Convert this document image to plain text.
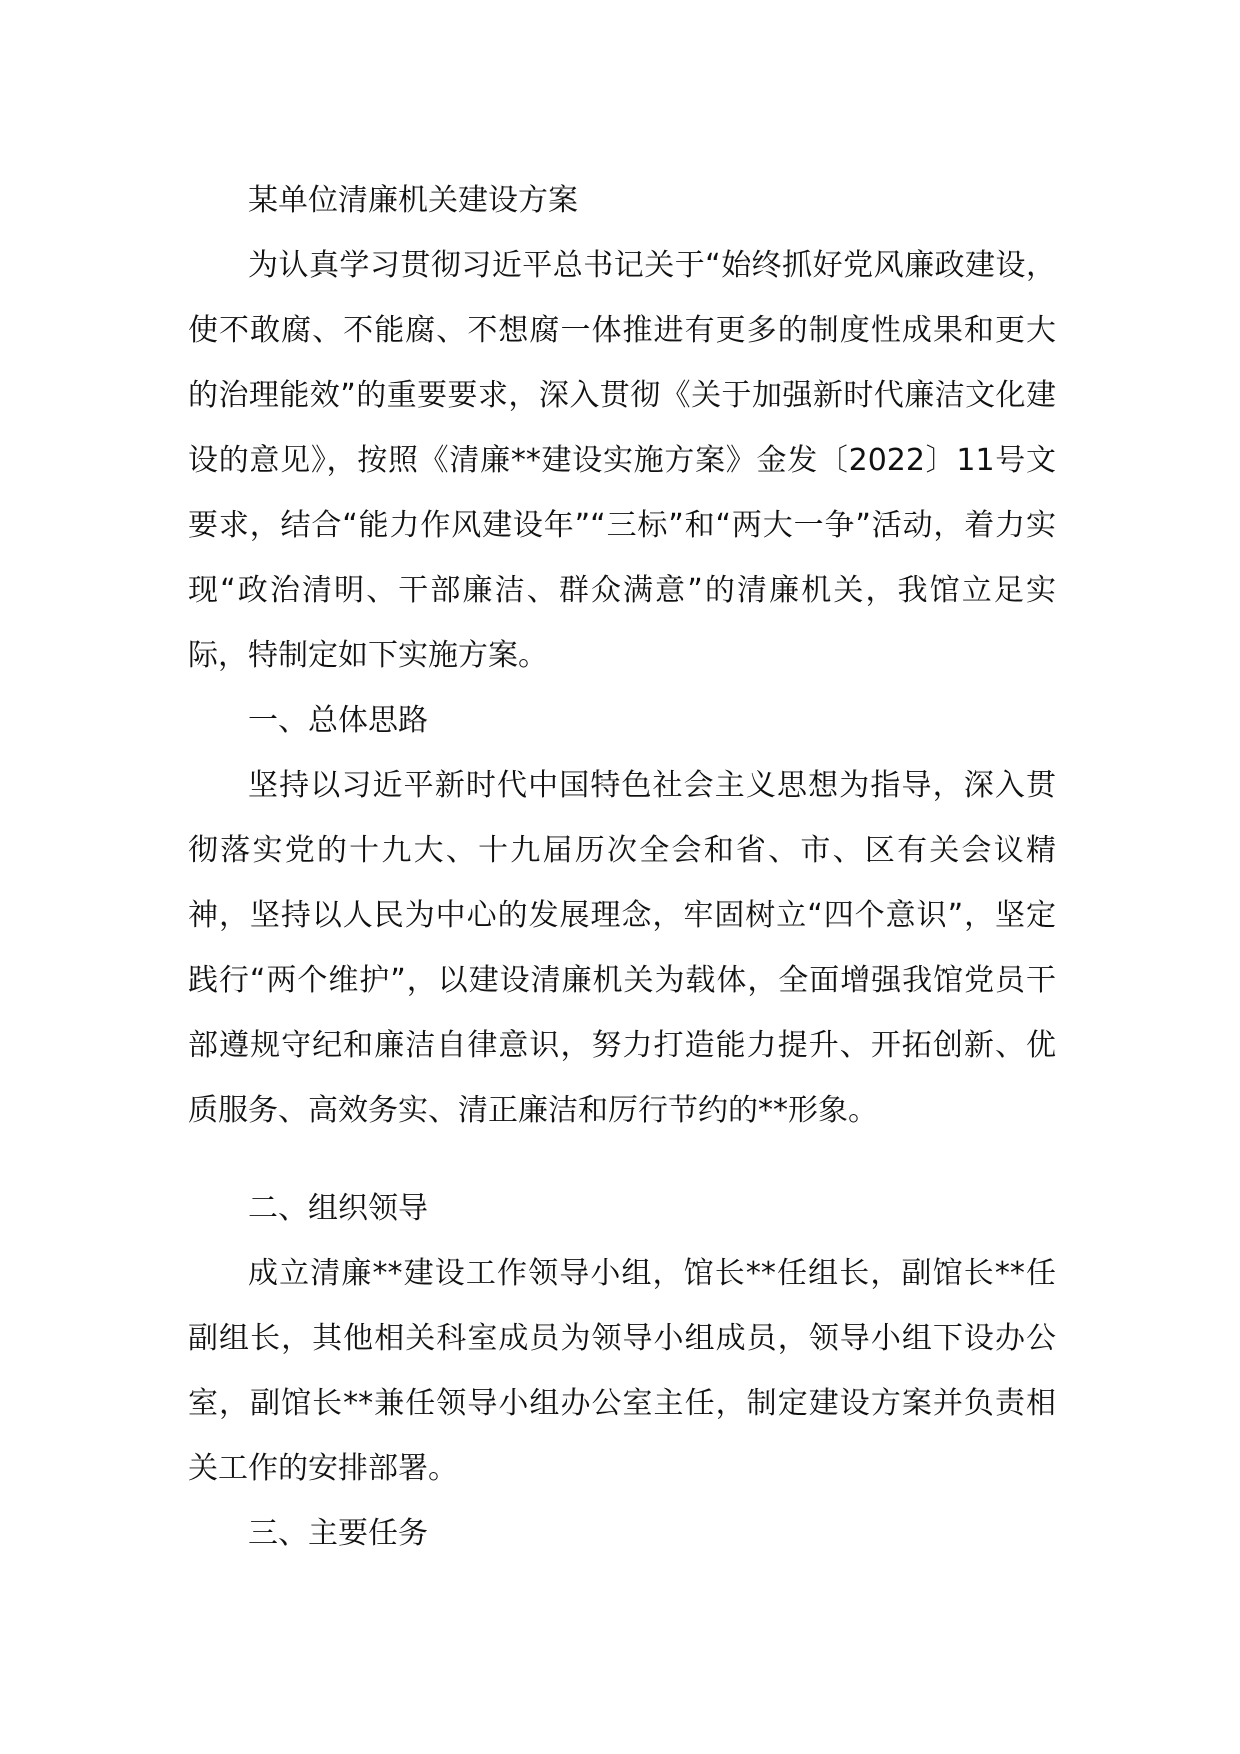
某单位清廉机关建设方案

为认真学习贯彻习近平总书记关于“始终抓好党风廉政建设，使不敢腐、不能腐、不想腐一体推进有更多的制度性成果和更大的治理能效”的重要要求，深入贯彻《关于加强新时代廉洁文化建设的意见》，按照《清廉**建设实施方案》金发〔2022〕11号文要求，结合“能力作风建设年”“三标”和“两大一争”活动，着力实现“政治清明、干部廉洁、群众满意”的清廉机关，我馆立足实际，特制定如下实施方案。

一、总体思路

坚持以习近平新时代中国特色社会主义思想为指导，深入贯彻落实党的十九大、十九届历次全会和省、市、区有关会议精神，坚持以人民为中心的发展理念，牢固树立“四个意识”，坚定践行“两个维护”，以建设清廉机关为载体，全面增强我馆党员干部遵规守纪和廉洁自律意识，努力打造能力提升、开拓创新、优质服务、高效务实、清正廉洁和厉行节约的**形象。

二、组织领导

成立清廉**建设工作领导小组，馆长**任组长，副馆长**任副组长，其他相关科室成员为领导小组成员，领导小组下设办公室，副馆长**兼任领导小组办公室主任，制定建设方案并负责相关工作的安排部署。

三、主要任务
